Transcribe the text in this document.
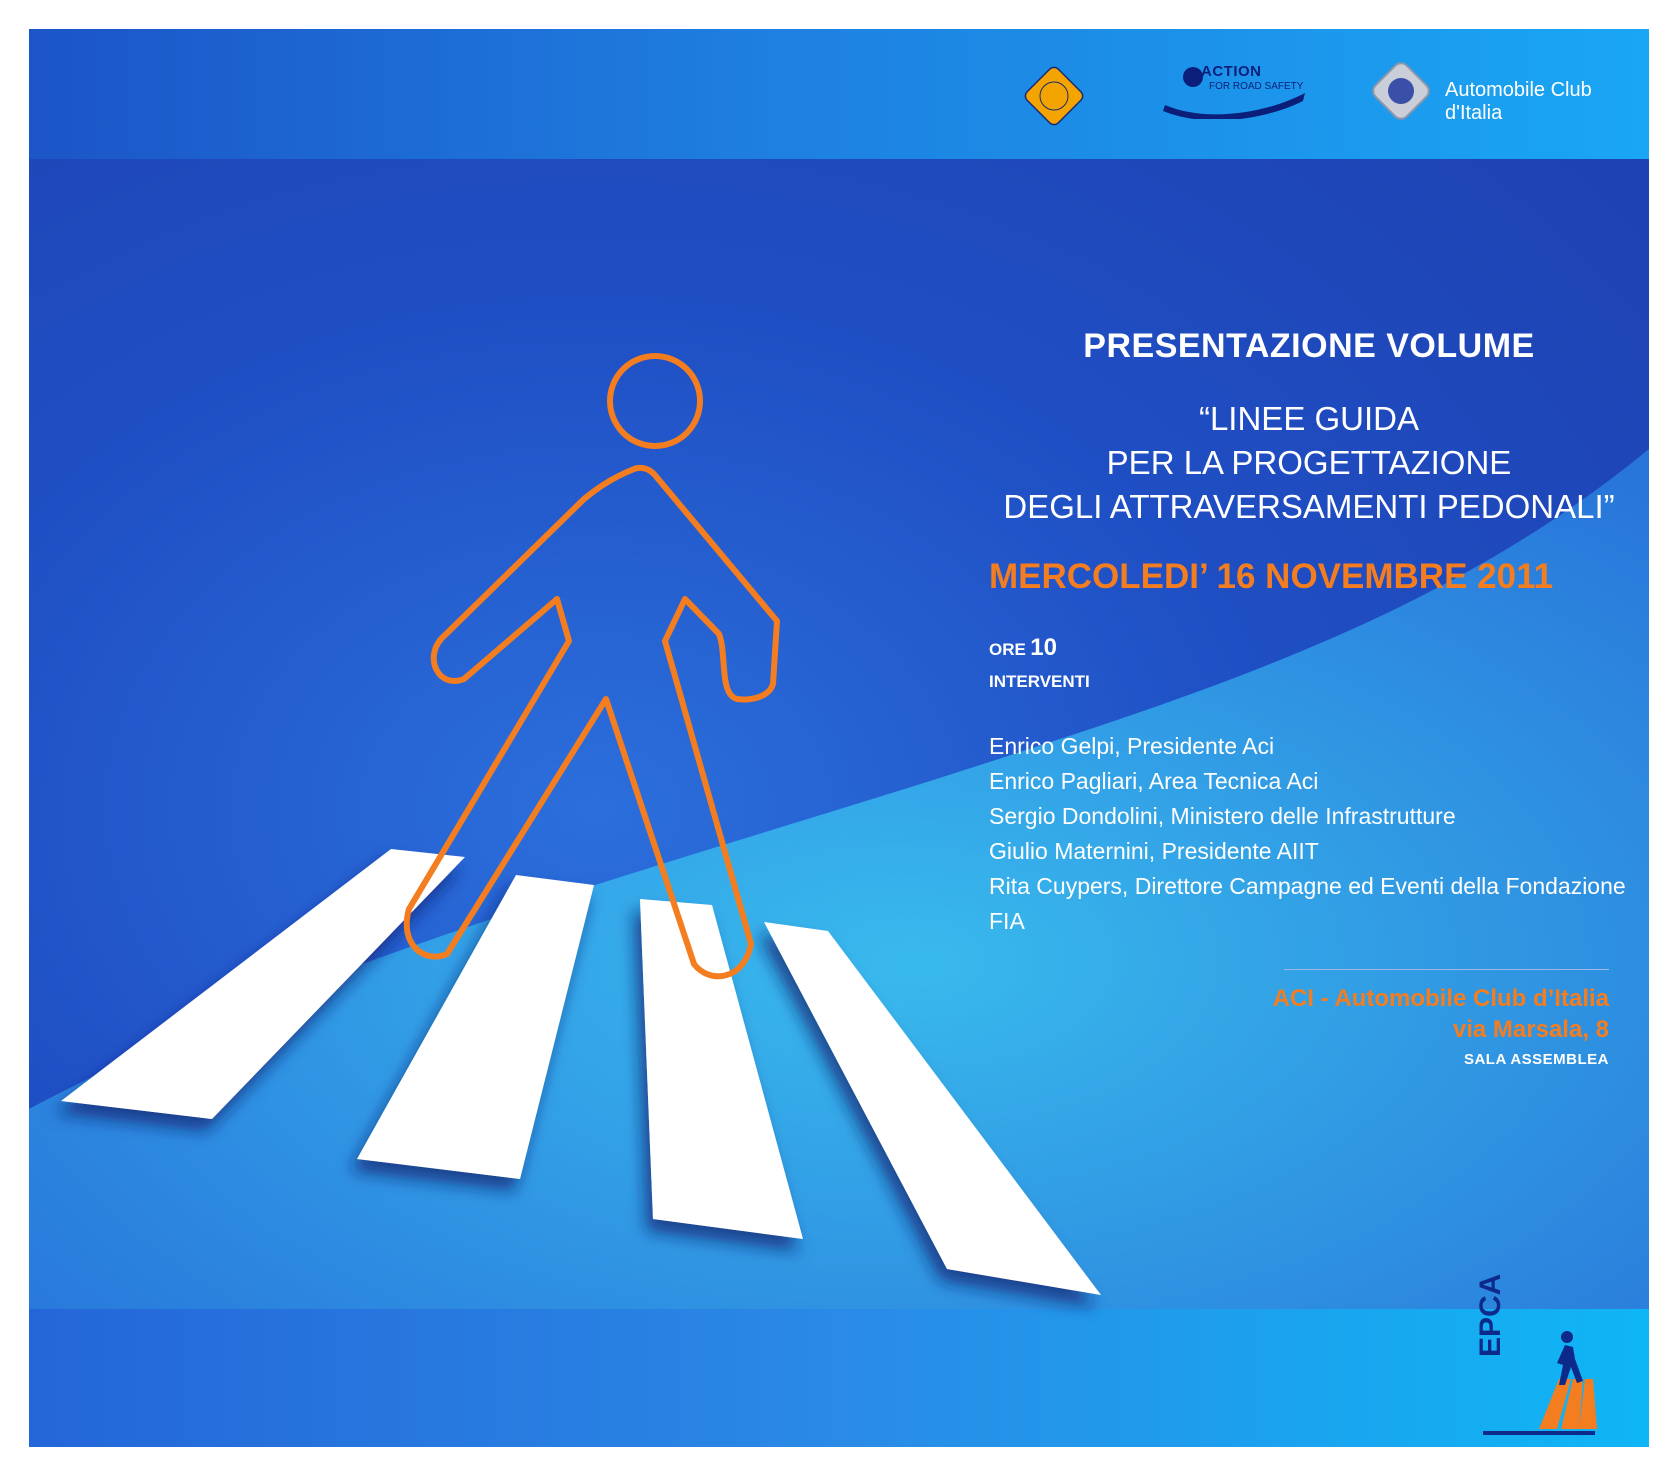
ACTION
FOR ROAD SAFETY	Automobile Club d'Italia

PRESENTAZIONE VOLUME

“LINEE GUIDA
PER LA PROGETTAZIONE
DEGLI ATTRAVERSAMENTI PEDONALI”

MERCOLEDI’ 16 NOVEMBRE 2011

ORE 10

INTERVENTI

Enrico Gelpi, Presidente Aci
Enrico Pagliari, Area Tecnica Aci
Sergio Dondolini, Ministero delle Infrastrutture
Giulio Maternini, Presidente AIIT
Rita Cuypers, Direttore Campagne ed Eventi della Fondazione FIA

ACI - Automobile Club d’Italia

via Marsala, 8

SALA ASSEMBLEA

EPCA
